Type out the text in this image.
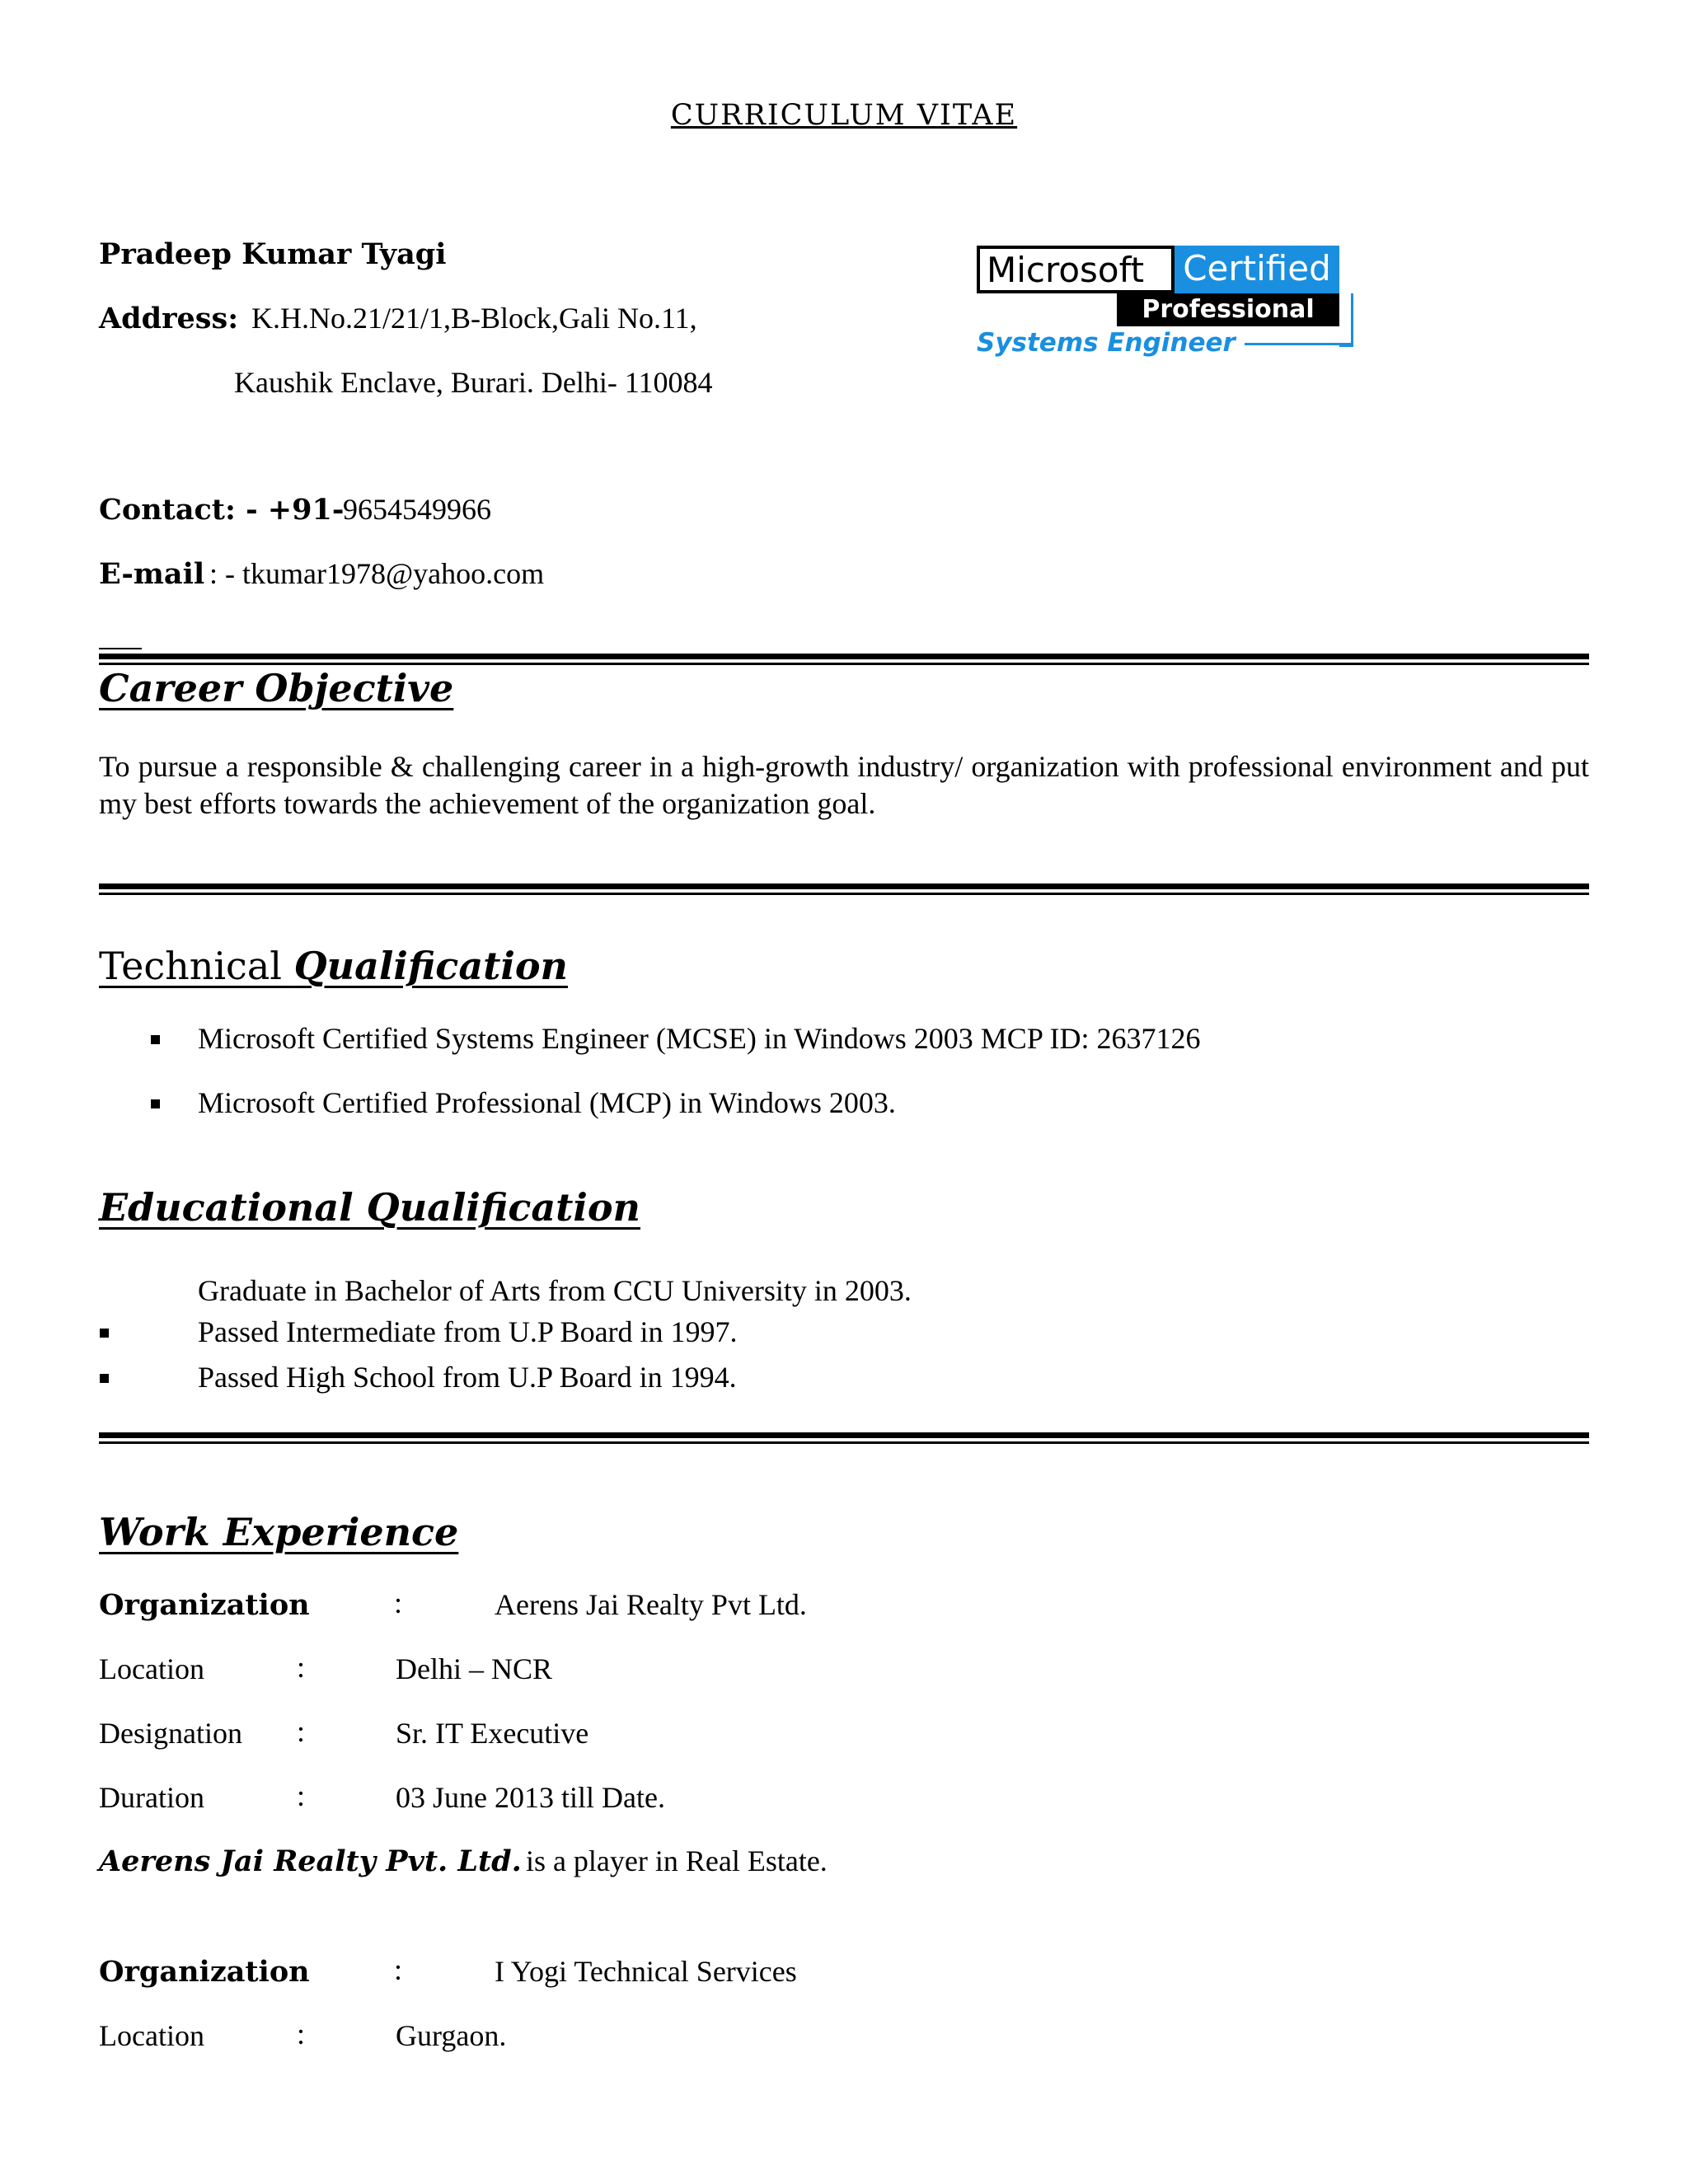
CURRICULUM VITAE
Pradeep Kumar Tyagi
Address: K.H.No.21/21/1,B-Block,Gali No.11,
Kaushik Enclave, Burari. Delhi- 110084
Contact: - +91-
9654549966
E-mail : - tkumar1978@yahoo.com
Microsoft	Certified
Professional
Systems Engineer
Career Objective
To pursue a responsible & challenging career in a high-growth industry/ organization with professional environment and put my best efforts towards the achievement of the organization goal.
Technical Qualification
Microsoft Certified Systems Engineer (MCSE) in Windows 2003 MCP ID: 2637126
Microsoft Certified Professional (MCP) in Windows 2003.
Educational Qualification
Graduate in Bachelor of Arts from CCU University in 2003.
Passed Intermediate from U.P Board in 1997.
Passed High School from U.P Board in 1994.
Work Experience
Organization	:	Aerens Jai Realty Pvt Ltd.
Location	:	Delhi – NCR
Designation :	Sr. IT Executive
Duration	:	03 June 2013 till Date.
Aerens Jai Realty Pvt. Ltd. is a player in Real Estate.
Organization	:	I Yogi Technical Services
Location	:	Gurgaon.
